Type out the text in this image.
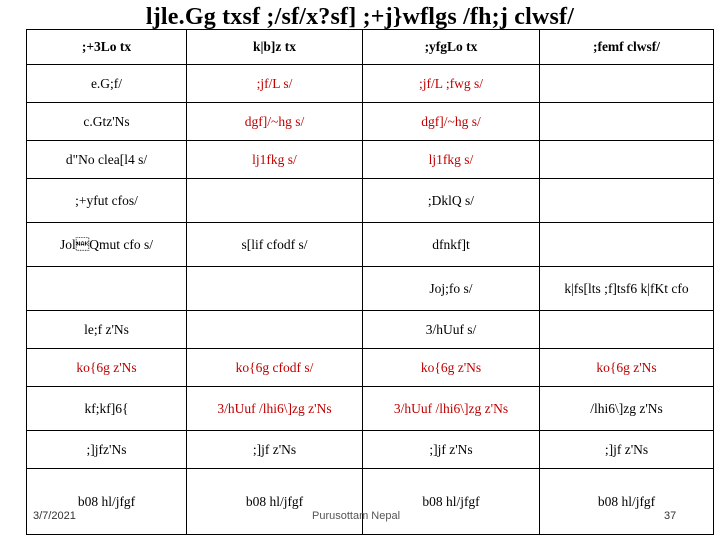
ljle.Gg txsf ;/sf/x?sf] ;+j}wflgs /fh;j clwsf/
;+3Lo tx	k|b]z tx	;yfgLo tx	;femf clwsf/
e.G;f/	;jf/L s/	;jf/L ;fwg s/	
c.Gtz'Ns	dgf]/~hg s/	dgf]/~hg s/	
d"No clea[l4 s/	lj1fkg s/	lj1fkg s/	
;+yfut cfos/		;DklQ s/	
JolQmut cfo s/	s[lif cfodf s/	dfnkf]t	
		Joj;fo s/	k|fs[lts ;f]tsf6 k|fKt cfo
le;f z'Ns		3/hUuf s/	
ko{6g z'Ns	ko{6g cfodf s/	ko{6g z'Ns	ko{6g z'Ns
kf;kf]6{	3/hUuf /lhi6\]zg z'Ns	3/hUuf /lhi6\]zg z'Ns	/lhi6\]zg z'Ns
;]jfz'Ns	;]jf z'Ns	;]jf z'Ns	;]jf z'Ns
b08 hl/jfgf	b08 hl/jfgf	b08 hl/jfgf	b08 hl/jfgf
3/7/2021	Purusottam Nepal	37
